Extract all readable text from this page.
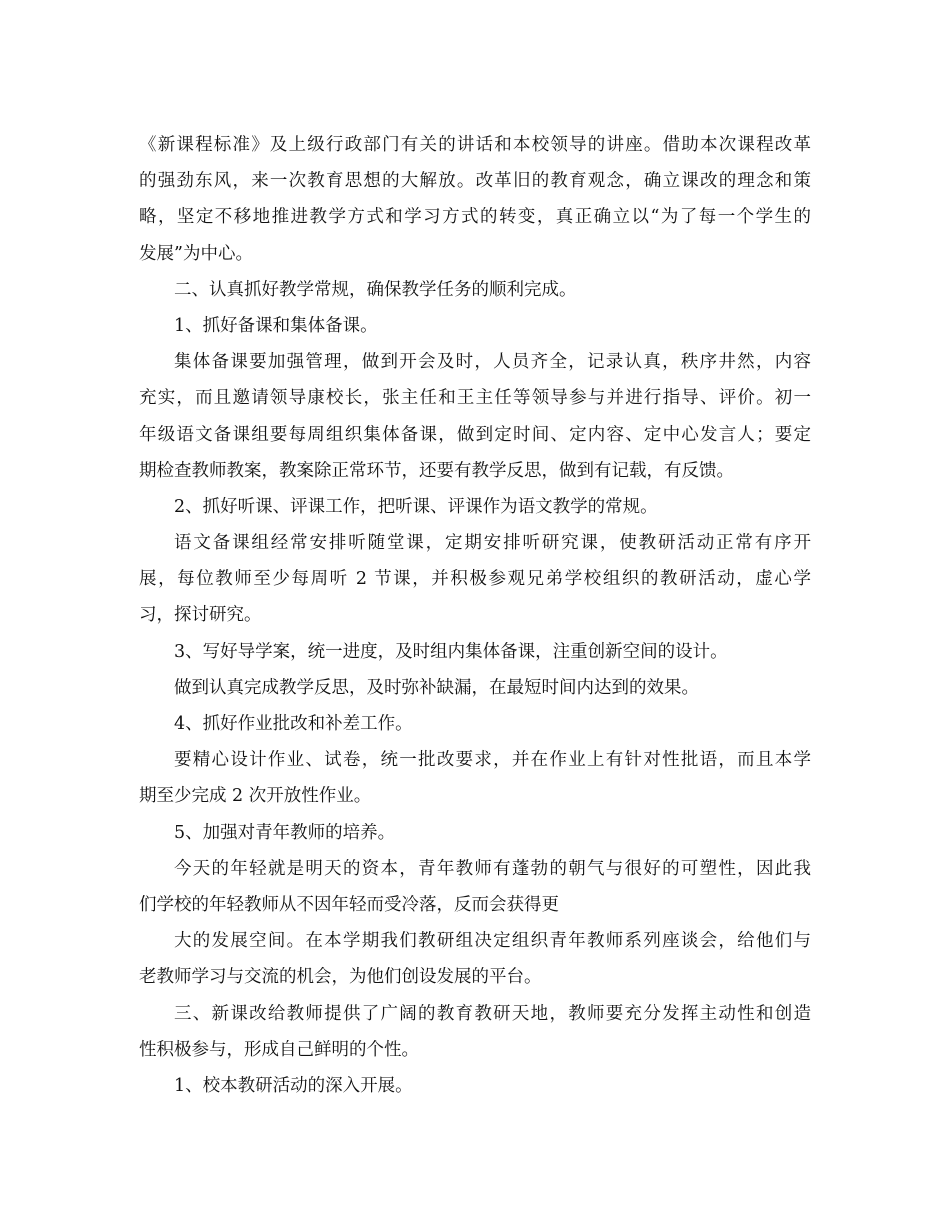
《新课程标准》及上级行政部门有关的讲话和本校领导的讲座。借助本次课程改革
的强劲东风，来一次教育思想的大解放。改革旧的教育观念，确立课改的理念和策
略，坚定不移地推进教学方式和学习方式的转变，真正确立以“为了每一个学生的
发展”为中心。
二、认真抓好教学常规，确保教学任务的顺利完成。
1、抓好备课和集体备课。
集体备课要加强管理，做到开会及时，人员齐全，记录认真，秩序井然，内容
充实，而且邀请领导康校长，张主任和王主任等领导参与并进行指导、评价。初一
年级语文备课组要每周组织集体备课，做到定时间、定内容、定中心发言人；要定
期检查教师教案，教案除正常环节，还要有教学反思，做到有记载，有反馈。
2、抓好听课、评课工作，把听课、评课作为语文教学的常规。
语文备课组经常安排听随堂课，定期安排听研究课，使教研活动正常有序开
展，每位教师至少每周听 2 节课，并积极参观兄弟学校组织的教研活动，虚心学
习，探讨研究。
3、写好导学案，统一进度，及时组内集体备课，注重创新空间的设计。
做到认真完成教学反思，及时弥补缺漏，在最短时间内达到的效果。
4、抓好作业批改和补差工作。
要精心设计作业、试卷，统一批改要求，并在作业上有针对性批语，而且本学
期至少完成 2 次开放性作业。
5、加强对青年教师的培养。
今天的年轻就是明天的资本，青年教师有蓬勃的朝气与很好的可塑性，因此我
们学校的年轻教师从不因年轻而受冷落，反而会获得更
大的发展空间。在本学期我们教研组决定组织青年教师系列座谈会，给他们与
老教师学习与交流的机会，为他们创设发展的平台。
三、新课改给教师提供了广阔的教育教研天地，教师要充分发挥主动性和创造
性积极参与，形成自己鲜明的个性。
1、校本教研活动的深入开展。
